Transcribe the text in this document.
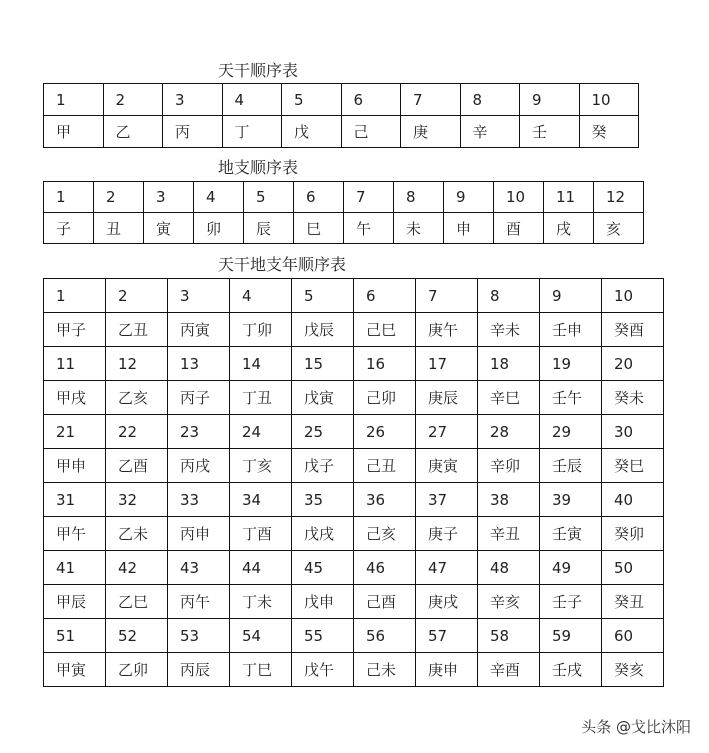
天干顺序表
1	2	3	4	5	6	7	8	9	10
甲	乙	丙	丁	戊	己	庚	辛	壬	癸
地支顺序表
1	2	3	4	5	6	7	8	9	10	11	12
子	丑	寅	卯	辰	巳	午	未	申	酉	戌	亥
天干地支年顺序表
1	2	3	4	5	6	7	8	9	10
甲子	乙丑	丙寅	丁卯	戊辰	己巳	庚午	辛未	壬申	癸酉
11	12	13	14	15	16	17	18	19	20
甲戌	乙亥	丙子	丁丑	戊寅	己卯	庚辰	辛巳	壬午	癸未
21	22	23	24	25	26	27	28	29	30
甲申	乙酉	丙戌	丁亥	戊子	己丑	庚寅	辛卯	壬辰	癸巳
31	32	33	34	35	36	37	38	39	40
甲午	乙未	丙申	丁酉	戊戌	己亥	庚子	辛丑	壬寅	癸卯
41	42	43	44	45	46	47	48	49	50
甲辰	乙巳	丙午	丁未	戊申	己酉	庚戌	辛亥	壬子	癸丑
51	52	53	54	55	56	57	58	59	60
甲寅	乙卯	丙辰	丁巳	戊午	己未	庚申	辛酉	壬戌	癸亥
头条 @戈比沐阳
